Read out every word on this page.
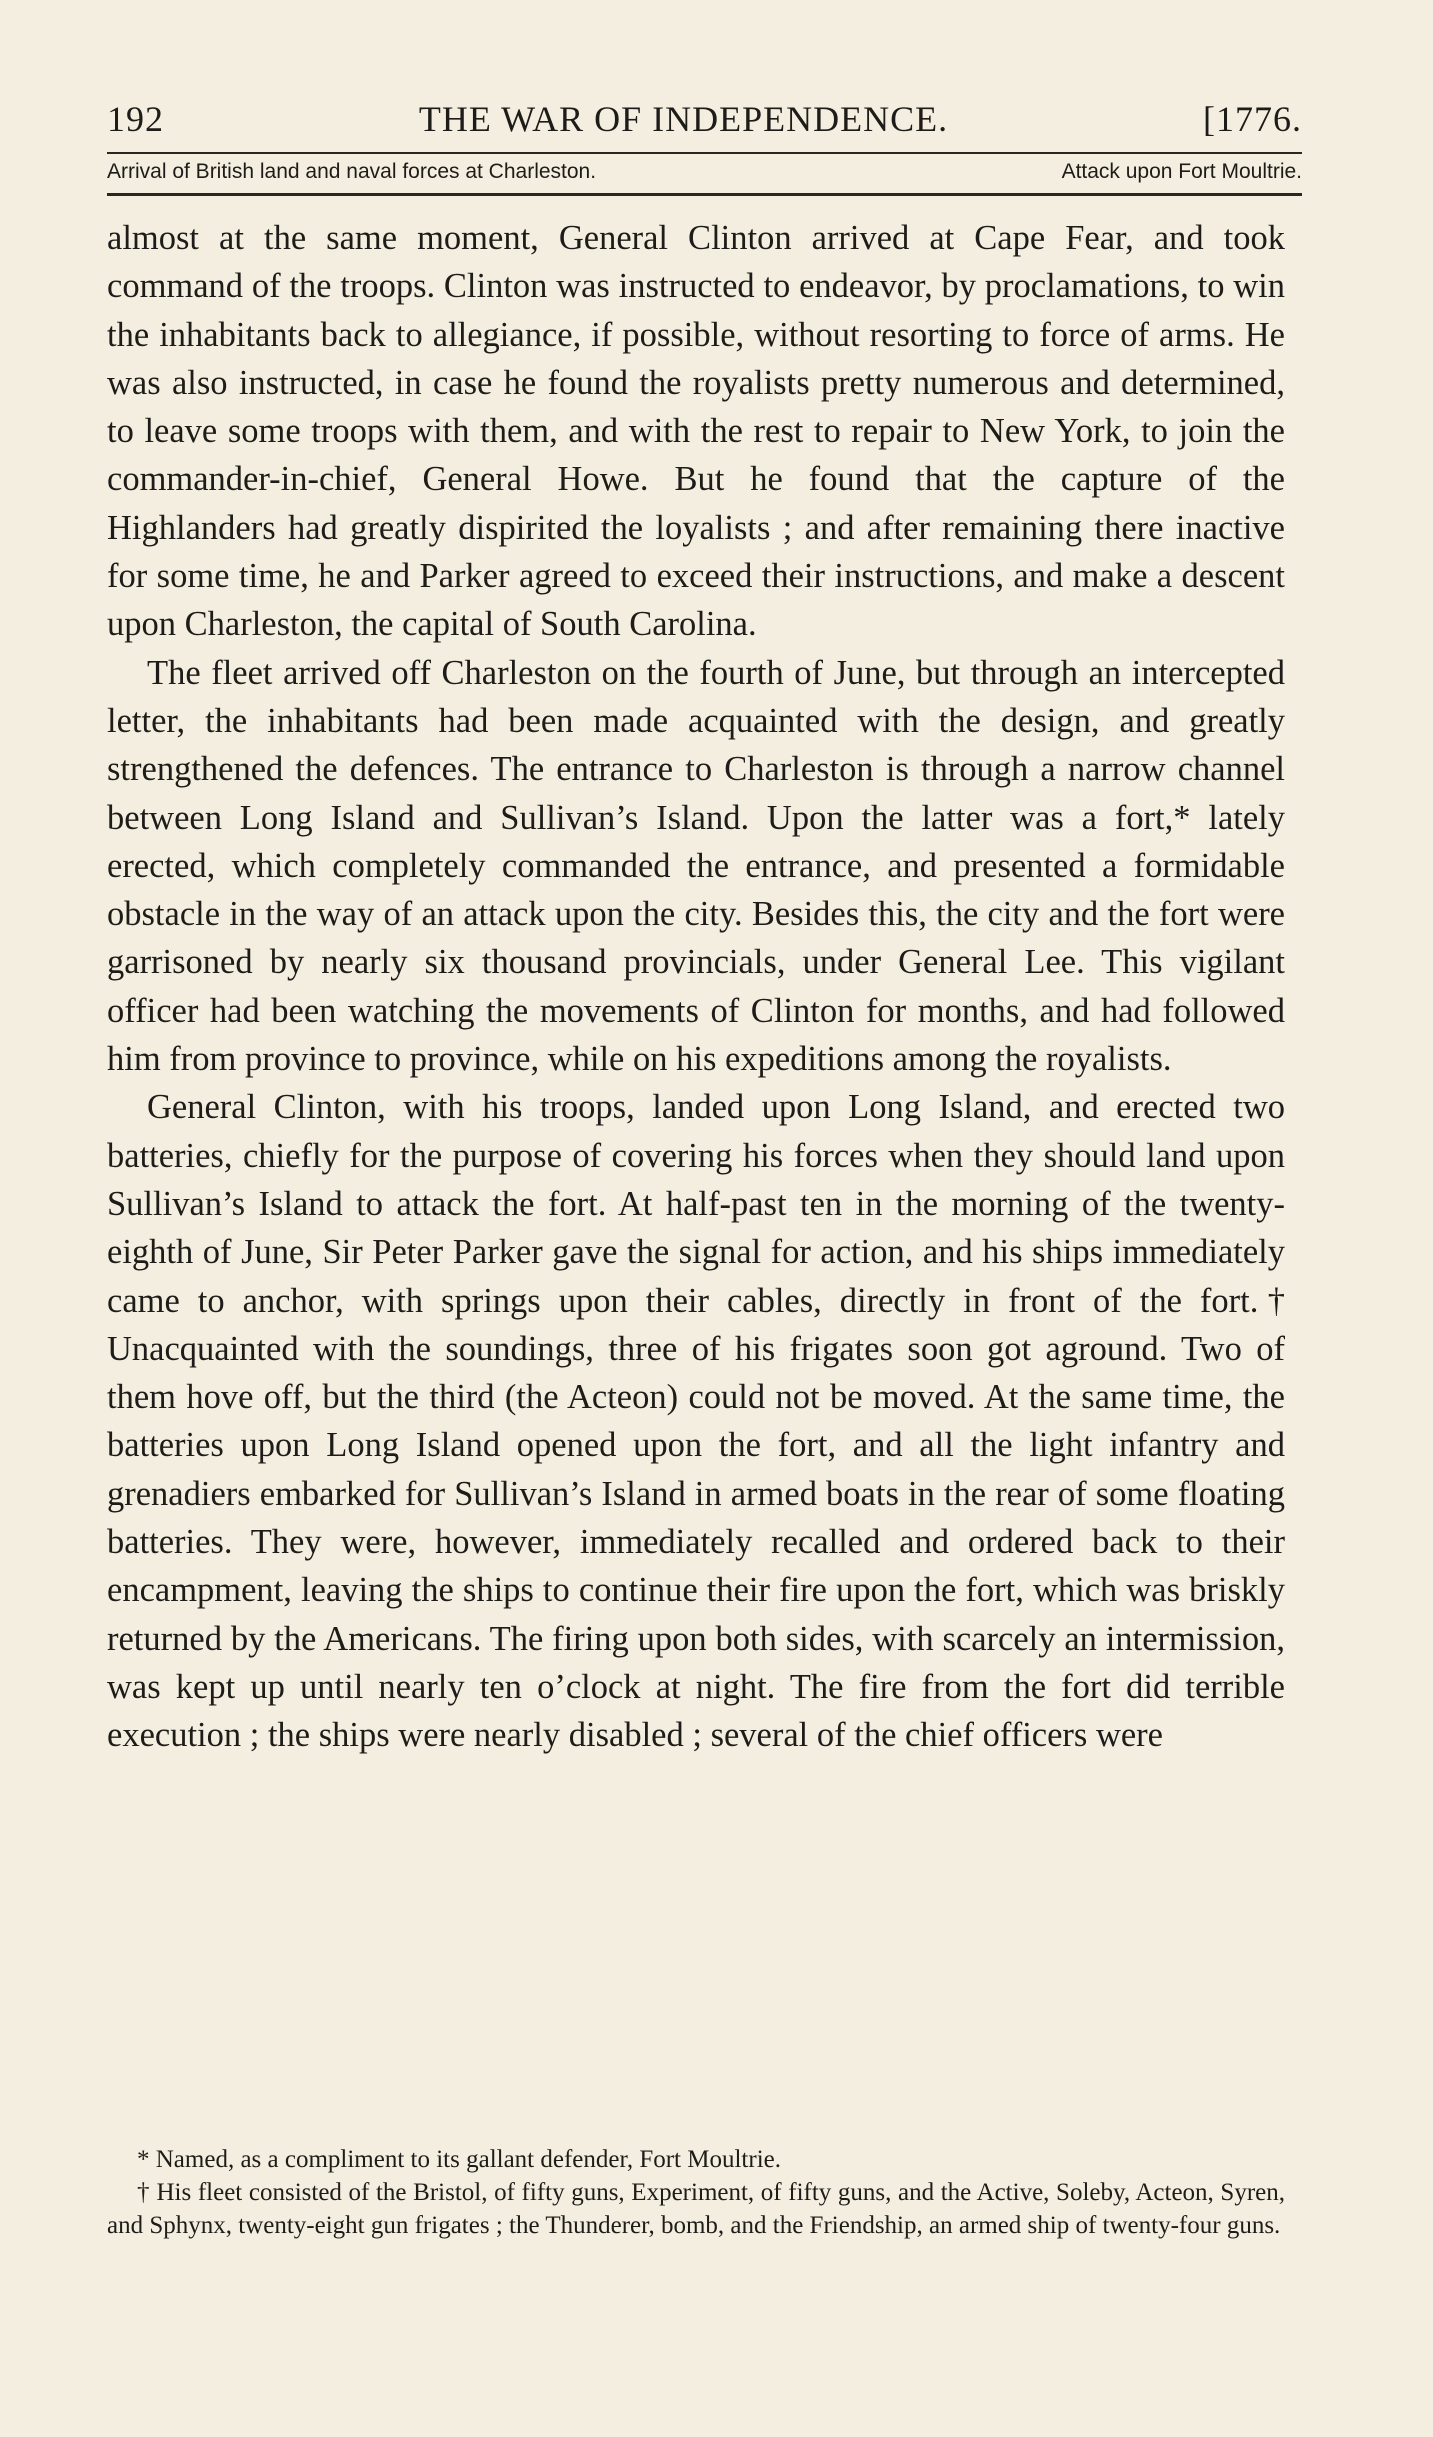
192	THE WAR OF INDEPENDENCE.	[1776.
Arrival of British land and naval forces at Charleston.	Attack upon Fort Moultrie.

almost at the same moment, General Clinton arrived at Cape Fear, and took command of the troops. Clinton was instructed to endeavor, by proclamations, to win the inhabitants back to allegiance, if possible, without resorting to force of arms. He was also instructed, in case he found the royalists pretty numerous and determined, to leave some troops with them, and with the rest to repair to New York, to join the commander-in-chief, General Howe. But he found that the capture of the Highlanders had greatly dispirited the loyalists ; and after remaining there inactive for some time, he and Parker agreed to exceed their instructions, and make a descent upon Charleston, the capital of South Carolina.

The fleet arrived off Charleston on the fourth of June, but through an intercepted letter, the inhabitants had been made acquainted with the design, and greatly strengthened the defences. The entrance to Charleston is through a narrow channel between Long Island and Sullivan’s Island. Upon the latter was a fort,* lately erected, which completely commanded the entrance, and presented a formidable obstacle in the way of an attack upon the city. Besides this, the city and the fort were garrisoned by nearly six thousand provincials, under General Lee. This vigilant officer had been watching the movements of Clinton for months, and had followed him from province to province, while on his expeditions among the royalists.

General Clinton, with his troops, landed upon Long Island, and erected two batteries, chiefly for the purpose of covering his forces when they should land upon Sullivan’s Island to attack the fort. At half-past ten in the morning of the twenty-eighth of June, Sir Peter Parker gave the signal for action, and his ships immediately came to anchor, with springs upon their cables, directly in front of the fort.† Unacquainted with the soundings, three of his frigates soon got aground. Two of them hove off, but the third (the Acteon) could not be moved. At the same time, the batteries upon Long Island opened upon the fort, and all the light infantry and grenadiers embarked for Sullivan’s Island in armed boats in the rear of some floating batteries. They were, however, immediately recalled and ordered back to their encampment, leaving the ships to continue their fire upon the fort, which was briskly returned by the Americans. The firing upon both sides, with scarcely an intermission, was kept up until nearly ten o’clock at night. The fire from the fort did terrible execution ; the ships were nearly disabled ; several of the chief officers were

* Named, as a compliment to its gallant defender, Fort Moultrie.

† His fleet consisted of the Bristol, of fifty guns, Experiment, of fifty guns, and the Active, Soleby, Acteon, Syren, and Sphynx, twenty-eight gun frigates ; the Thunderer, bomb, and the Friendship, an armed ship of twenty-four guns.
